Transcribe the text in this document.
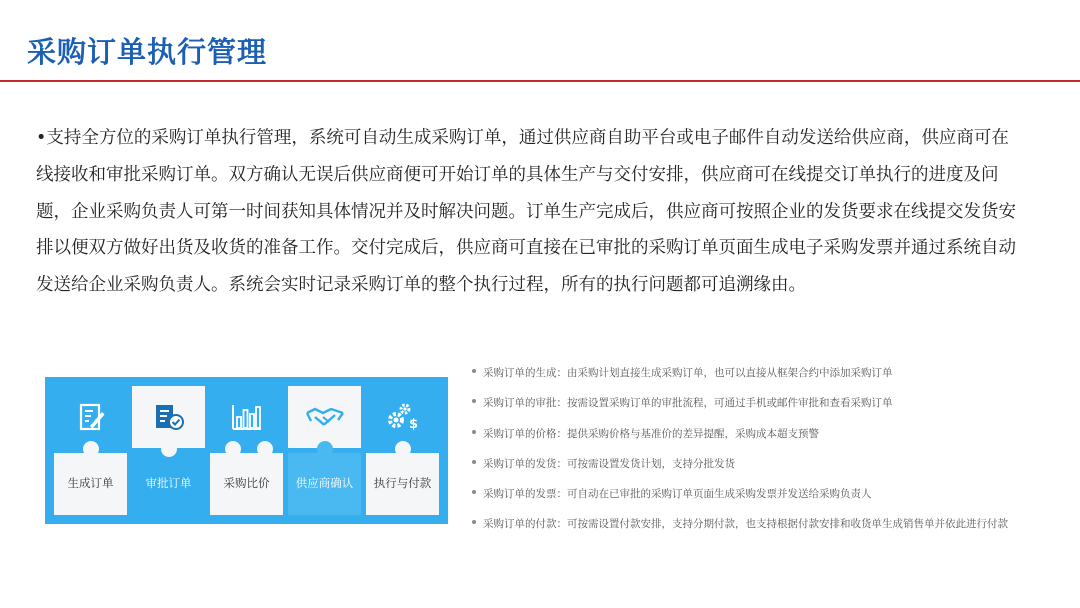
采购订单执行管理
•支持全方位的采购订单执行管理，系统可自动生成采购订单，通过供应商自助平台或电子邮件自动发送给供应商，供应商可在线接收和审批采购订单。双方确认无误后供应商便可开始订单的具体生产与交付安排，供应商可在线提交订单执行的进度及问题，企业采购负责人可第一时间获知具体情况并及时解决问题。订单生产完成后，供应商可按照企业的发货要求在线提交发货安排以便双方做好出货及收货的准备工作。交付完成后，供应商可直接在已审批的采购订单页面生成电子采购发票并通过系统自动发送给企业采购负责人。系统会实时记录采购订单的整个执行过程，所有的执行问题都可追溯缘由。
生成订单	审批订单	采购比价	供应商确认
$
执行与付款
采购订单的生成：由采购计划直接生成采购订单，也可以直接从框架合约中添加采购订单
采购订单的审批：按需设置采购订单的审批流程，可通过手机或邮件审批和查看采购订单
采购订单的价格：提供采购价格与基准价的差异提醒，采购成本超支预警
采购订单的发货：可按需设置发货计划，支持分批发货
采购订单的发票：可自动在已审批的采购订单页面生成采购发票并发送给采购负责人
采购订单的付款：可按需设置付款安排，支持分期付款，也支持根据付款安排和收货单生成销售单并依此进行付款
